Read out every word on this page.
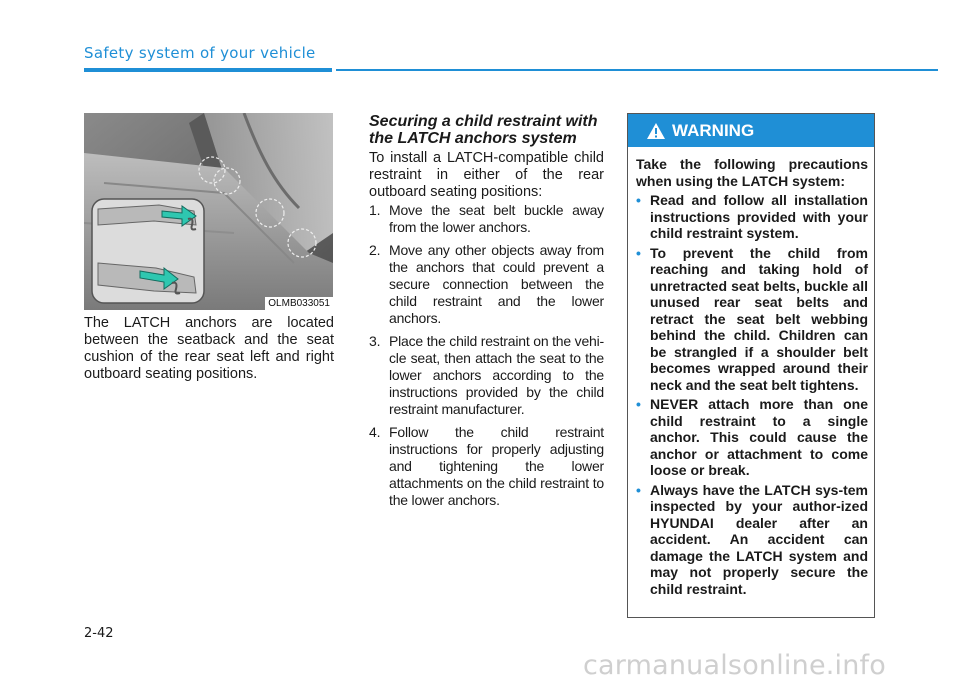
Safety system of your vehicle
OLMB033051
The LATCH anchors are located between the seatback and the seat cushion of the rear seat left and right outboard seating positions.
Securing a child restraint with the LATCH anchors system
To install a LATCH-compatible child restraint in either of the rear outboard seating positions:
1. Move the seat belt buckle away from the lower anchors.
2. Move any other objects away from the anchors that could prevent a secure connection between the child restraint and the lower anchors.
3. Place the child restraint on the vehi-cle seat, then attach the seat to the lower anchors according to the instructions provided by the child restraint manufacturer.
4. Follow the child restraint instructions for properly adjusting and tightening the lower attachments on the child restraint to the lower anchors.
WARNING
Take the following precautions when using the LATCH system:
• Read and follow all installation instructions provided with your child restraint system.
• To prevent the child from reaching and taking hold of unretracted seat belts, buckle all unused rear seat belts and retract the seat belt webbing behind the child. Children can be strangled if a shoulder belt becomes wrapped around their neck and the seat belt tightens.
• NEVER attach more than one child restraint to a single anchor. This could cause the anchor or attachment to come loose or break.
• Always have the LATCH sys-tem inspected by your author-ized HYUNDAI dealer after an accident. An accident can damage the LATCH system and may not properly secure the child restraint.
2-42
carmanualsonline.info
